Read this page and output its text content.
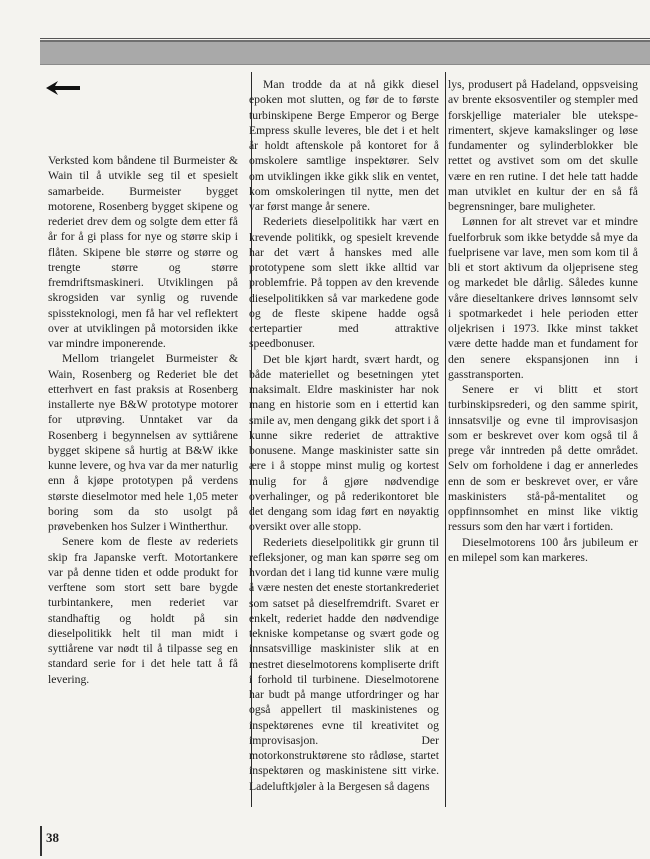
Verksted kom båndene til Burmeister & Wain til å utvikle seg til et spesielt samarbeide. Burmeister bygget motorene, Rosenberg bygget skipene og rederiet drev dem og solgte dem etter få år for å gi plass for nye og større skip i flåten. Skipene ble større og større og trengte større og større fremdriftsmaskineri. Utviklingen på skrogsiden var synlig og ruvende spissteknologi, men få har vel reflektert over at utviklingen på motorsiden ikke var mindre imponerende.

Mellom triangelet Burmeister & Wain, Rosenberg og Rederiet ble det etterhvert en fast praksis at Rosenberg installerte nye B&W prototype motorer for utprøving. Unntaket var da Rosenberg i begynnelsen av syttiårene bygget skipene så hurtig at B&W ikke kunne levere, og hva var da mer naturlig enn å kjøpe prototypen på verdens største dieselmotor med hele 1,05 meter boring som da sto usolgt på prøvebenken hos Sulzer i Wintherthur.

Senere kom de fleste av rederiets skip fra Japanske verft. Motortankere var på denne tiden et odde produkt for verftene som stort sett bare bygde turbintankere, men rederiet var standhaftig og holdt på sin dieselpolitikk helt til man midt i syttiårene var nødt til å tilpasse seg en standard serie for i det hele tatt å få levering.

Man trodde da at nå gikk diesel epoken mot slutten, og før de to første turbinskipene Berge Emperor og Berge Empress skulle leveres, ble det i et helt år holdt aftenskole på kontoret for å omskolere samtlige inspektører. Selv om utviklingen ikke gikk slik en ventet, kom omskoleringen til nytte, men det var først mange år senere.

Rederiets dieselpolitikk har vært en krevende politikk, og spesielt krevende har det vært å hanskes med alle prototypene som slett ikke alltid var problemfrie. På toppen av den krevende dieselpolitikken så var markedene gode og de fleste skipene hadde også certepartier med attraktive speedbonuser.

Det ble kjørt hardt, svært hardt, og både materiellet og besetningen ytet maksimalt. Eldre maskinister har nok mang en historie som en i ettertid kan smile av, men dengang gikk det sport i å kunne sikre rederiet de attraktive bonusene. Mange maskinister satte sin ære i å stoppe minst mulig og kortest mulig for å gjøre nødvendige overhalinger, og på rederikontoret ble det dengang som idag ført en nøyaktig oversikt over alle stopp.

Rederiets dieselpolitikk gir grunn til refleksjoner, og man kan spørre seg om hvordan det i lang tid kunne være mulig å være nesten det eneste stortankrederiet som satset på dieselfremdrift. Svaret er enkelt, rederiet hadde den nødvendige tekniske kompetanse og svært gode og innsatsvillige maskinister slik at en mestret dieselmotorens kompliserte drift i forhold til turbinene. Dieselmotorene har budt på mange utfordringer og har også appellert til maskinistenes og inspektørenes evne til kreativitet og improvisasjon. Der motorkonstruktørene sto rådløse, startet inspektøren og maskinistene sitt virke. Ladeluftkjøler à la Bergesen så dagens

lys, produsert på Hadeland, oppsveising av brente eksosventiler og stempler med forskjellige materialer ble uteksperimentert, skjeve kamakslinger og løse fundamenter og sylinderblokker ble rettet og avstivet som om det skulle være en ren rutine. I det hele tatt hadde man utviklet en kultur der en så få begrensninger, bare muligheter.

Lønnen for alt strevet var et mindre fuelforbruk som ikke betydde så mye da fuelprisene var lave, men som kom til å bli et stort aktivum da oljeprisene steg og markedet ble dårlig. Således kunne våre dieseltankere drives lønnsomt selv i spotmarkedet i hele perioden etter oljekrisen i 1973. Ikke minst takket være dette hadde man et fundament for den senere ekspansjonen inn i gasstransporten.

Senere er vi blitt et stort turbinskipsrederi, og den samme spirit, innsatsvilje og evne til improvisasjon som er beskrevet over kom også til å prege vår inntreden på dette området. Selv om forholdene i dag er annerledes enn de som er beskrevet over, er våre maskinisters stå-på-mentalitet og oppfinnsomhet en minst like viktig ressurs som den har vært i fortiden.

Dieselmotorens 100 års jubileum er en milepel som kan markeres.

38
